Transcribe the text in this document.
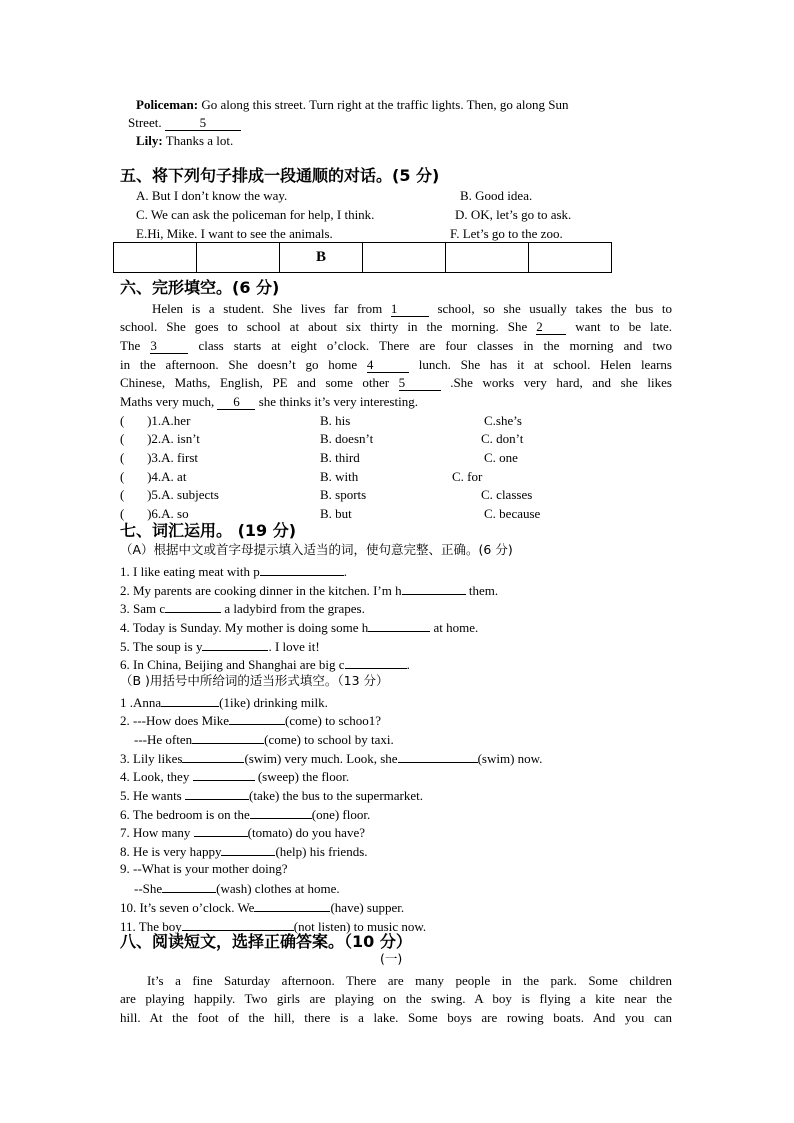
Policeman: Go along this street. Turn right at the traffic lights. Then, go along Sun
Street.	5
Lily: Thanks a lot.
五、将下列句子排成一段通顺的对话。(5 分)
A. But I don’t know the way.	B. Good idea.
C. We can ask the policeman for help, I think.	D. OK, let’s go to ask.
E.Hi, Mike. I want to see the animals.	F. Let’s go to the zoo.
		B			
六、完形填空。(6 分)
Helen is a student. She lives far from 1	school, so she usually takes the bus to
school. She goes to school at about six thirty in the morning. She 2	want to be late.
The 3	class starts at eight o’clock. There are four classes in the morning and two
in the afternoon. She doesn’t go home 4	lunch. She has it at school. Helen learns
Chinese, Maths, English, PE and some other 5	.She works very hard, and she likes
Maths very much, 6 she thinks it’s very interesting.
(       )1.A.her	B. his	C.she’s
(       )2.A. isn’t	B. doesn’t	C. don’t
(       )3.A. first	B. third	C. one
(       )4.A. at	B. with	C. for
(       )5.A. subjects	B. sports	C. classes
(       )6.A. so	B. but	C. because
七、词汇运用。 (19 分)
（A）根据中文或首字母提示填入适当的词，使句意完整、正确。(6 分)
1. I like eating meat with p	.
2. My parents are cooking dinner in the kitchen. I’m h	them.
3. Sam c	a ladybird from the grapes.
4. Today is Sunday. My mother is doing some h	at home.
5. The soup is y	. I love it!
6. In China, Beijing and Shanghai are big c	.
（B )用括号中所给词的适当形式填空。（13 分）
1 .Anna	(1ike) drinking milk.
2. ---How does Mike	(come) to schoo1?
---He often	(come) to school by taxi.
3. Lily likes	(swim) very much. Look, she	(swim) now.
4. Look, they	(sweep) the floor.
5. He wants	(take) the bus to the supermarket.
6. The bedroom is on the	(one) floor.
7. How many	(tomato) do you have?
8. He is very happy	(help) his friends.
9. --What is your mother doing?
--She	(wash) clothes at home.
10. It’s seven o’clock. We	(have) supper.
11. The boy	(not listen) to music now.
八、阅读短文，选择正确答案。（10 分）
(一)
It’s a fine Saturday afternoon. There are many people in the park. Some children
are playing happily. Two girls are playing on the swing. A boy is flying a kite near the
hill. At the foot of the hill, there is a lake. Some boys are rowing boats. And you can
